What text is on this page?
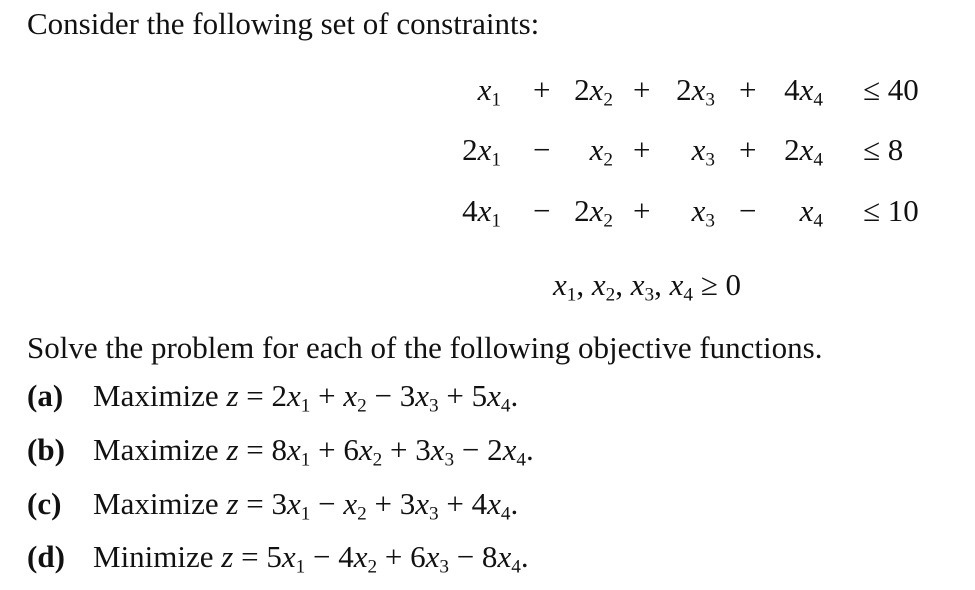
Consider the following set of constraints:
$x_1 + 2x_2 + 2x_3 + 4x_4 \le 40$
$2x_1 - x_2 + x_3 + 2x_4 \le 8$
$4x_1 - 2x_2 + x_3 - x_4 \le 10$
$x_1$, $x_2$, $x_3$, $x_4 \ge 0$
Solve the problem for each of the following objective functions.
(a) Maximize $z = 2x_1 + x_2 - 3x_3 + 5x_4$.
(b) Maximize $z = 8x_1 + 6x_2 + 3x_3 - 2x_4$.
(c) Maximize $z = 3x_1 - x_2 + 3x_3 + 4x_4$.
(d) Minimize $z = 5x_1 - 4x_2 + 6x_3 - 8x_4$.
